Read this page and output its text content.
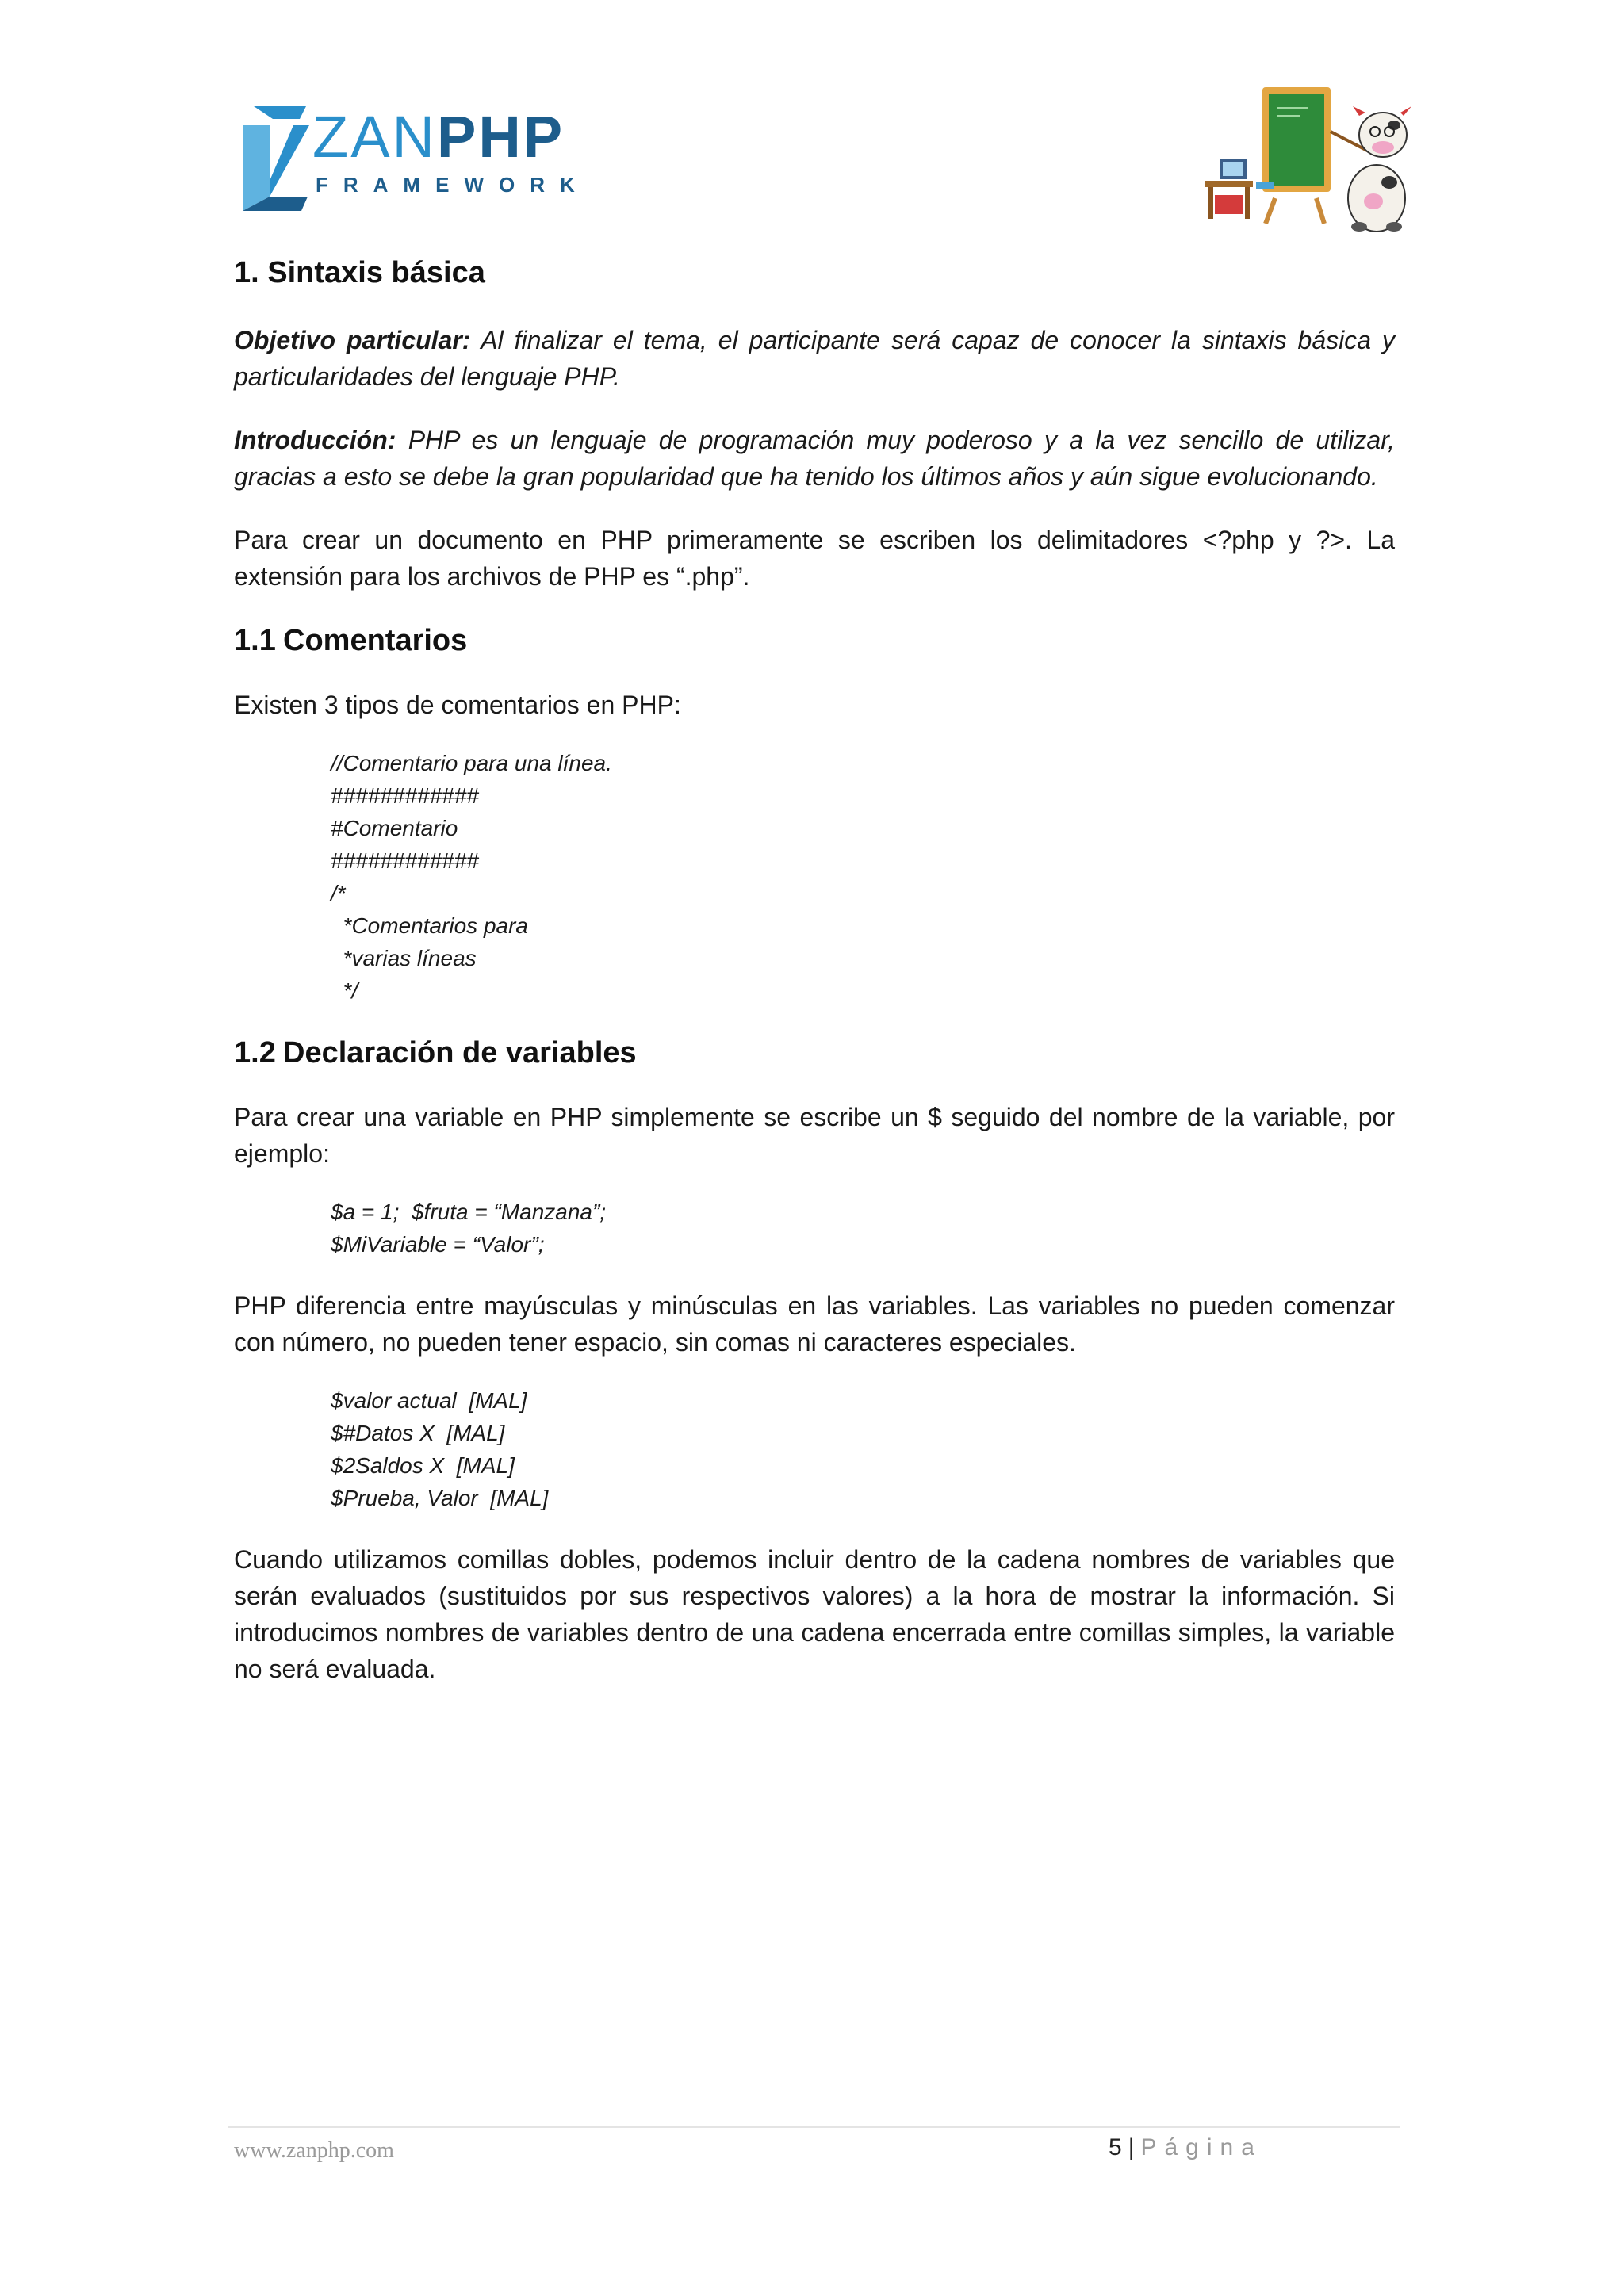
ZANPHP
FRAMEWORK
1. Sintaxis básica

Objetivo particular: Al finalizar el tema, el participante será capaz de conocer la sintaxis básica y particularidades del lenguaje PHP.

Introducción: PHP es un lenguaje de programación muy poderoso y a la vez sencillo de utilizar, gracias a esto se debe la gran popularidad que ha tenido los últimos años y aún sigue evolucionando.

Para crear un documento en PHP primeramente se escriben los delimitadores <?php y ?>. La extensión para los archivos de PHP es “.php”.

1.1 Comentarios

Existen 3 tipos de comentarios en PHP:

//Comentario para una línea.
############
#Comentario
############
/*
*Comentarios para
*varias líneas
*/
1.2 Declaración de variables

Para crear una variable en PHP simplemente se escribe un $ seguido del nombre de la variable, por ejemplo:

$a = 1;  $fruta = “Manzana”;
$MiVariable = “Valor”;

PHP diferencia entre mayúsculas y minúsculas en las variables. Las variables no pueden comenzar con número, no pueden tener espacio, sin comas ni caracteres especiales.

$valor actual  [MAL]
$#Datos X  [MAL]
$2Saldos X  [MAL]
$Prueba, Valor  [MAL]

Cuando utilizamos comillas dobles, podemos incluir dentro de la cadena nombres de variables que serán evaluados (sustituidos por sus respectivos valores) a la hora de mostrar la información. Si introducimos nombres de variables dentro de una cadena encerrada entre comillas simples, la variable no será evaluada.

www.zanphp.com	5 | Página
